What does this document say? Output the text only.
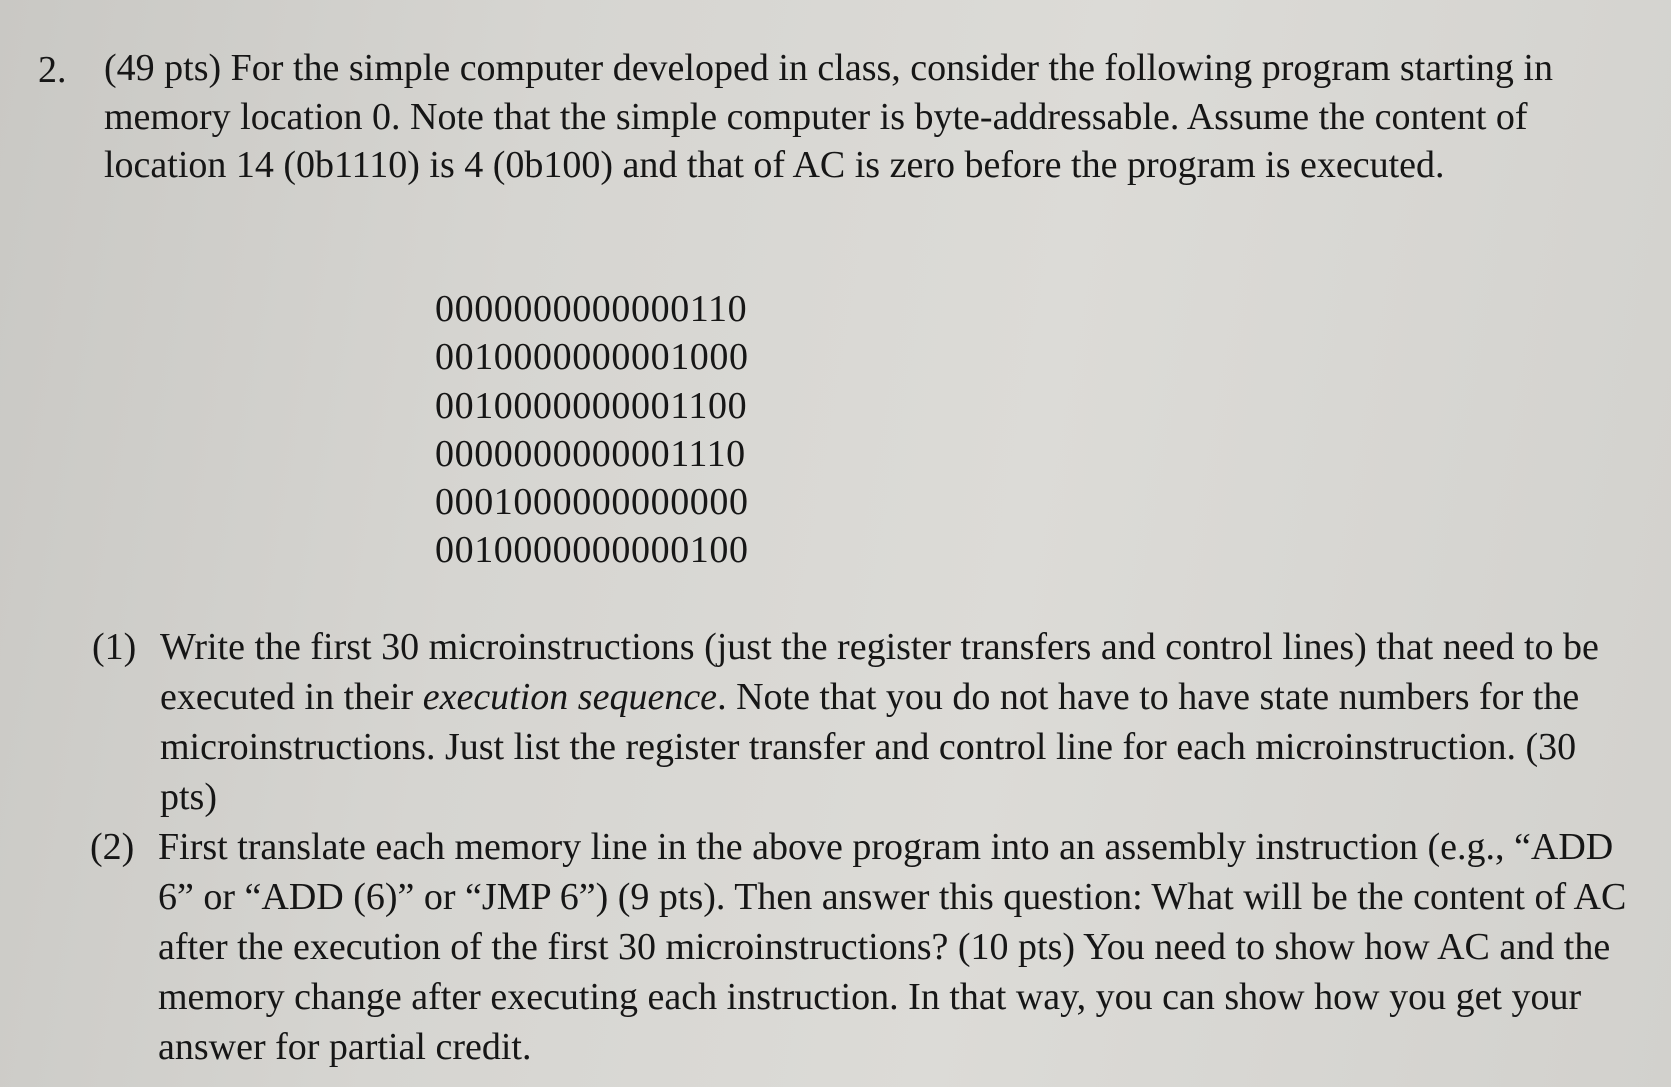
2. (49 pts) For the simple computer developed in class, consider the following program starting in memory location 0. Note that the simple computer is byte-addressable. Assume the content of location 14 (0b1110) is 4 (0b100) and that of AC is zero before the program is executed.
0000000000000110
0010000000001000
0010000000001100
0000000000001110
0001000000000000
0010000000000100
(1) Write the first 30 microinstructions (just the register transfers and control lines) that need to be executed in their execution sequence. Note that you do not have to have state numbers for the microinstructions. Just list the register transfer and control line for each microinstruction. (30 pts)
(2) First translate each memory line in the above program into an assembly instruction (e.g., “ADD 6” or “ADD (6)” or “JMP 6”) (9 pts). Then answer this question: What will be the content of AC after the execution of the first 30 microinstructions? (10 pts) You need to show how AC and the memory change after executing each instruction. In that way, you can show how you get your answer for partial credit.
